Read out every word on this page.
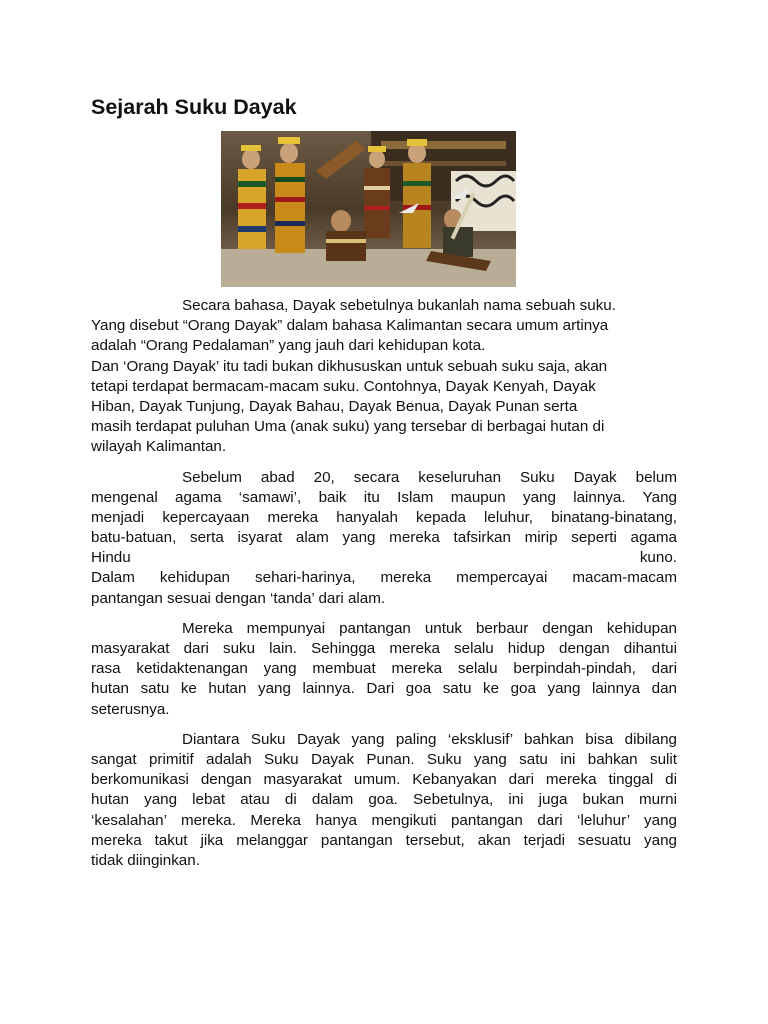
Sejarah Suku Dayak
Secara bahasa, Dayak sebetulnya bukanlah nama sebuah suku.
Yang disebut “Orang Dayak” dalam bahasa Kalimantan secara umum artinya
adalah “Orang Pedalaman” yang jauh dari kehidupan kota.
Dan ‘Orang Dayak’ itu tadi bukan dikhususkan untuk sebuah suku saja, akan
tetapi terdapat bermacam-macam suku. Contohnya, Dayak Kenyah, Dayak
Hiban, Dayak Tunjung, Dayak Bahau, Dayak Benua, Dayak Punan serta
masih terdapat puluhan Uma (anak suku) yang tersebar di berbagai hutan di
wilayah Kalimantan.
Sebelum abad 20, secara keseluruhan Suku Dayak belum
mengenal agama ‘samawi’, baik itu Islam maupun yang lainnya. Yang
menjadi kepercayaan mereka hanyalah kepada leluhur, binatang-binatang,
batu-batuan, serta isyarat alam yang mereka tafsirkan mirip seperti agama
Hindu kuno.
Dalam kehidupan sehari-harinya, mereka mempercayai macam-macam
pantangan sesuai dengan ‘tanda’ dari alam.
Mereka mempunyai pantangan untuk berbaur dengan kehidupan
masyarakat dari suku lain. Sehingga mereka selalu hidup dengan dihantui
rasa ketidaktenangan yang membuat mereka selalu berpindah-pindah, dari
hutan satu ke hutan yang lainnya. Dari goa satu ke goa yang lainnya dan
seterusnya.
Diantara Suku Dayak yang paling ‘eksklusif’ bahkan bisa dibilang
sangat primitif adalah Suku Dayak Punan. Suku yang satu ini bahkan sulit
berkomunikasi dengan masyarakat umum. Kebanyakan dari mereka tinggal di
hutan yang lebat atau di dalam goa. Sebetulnya, ini juga bukan murni
‘kesalahan’ mereka. Mereka hanya mengikuti pantangan dari ‘leluhur’ yang
mereka takut jika melanggar pantangan tersebut, akan terjadi sesuatu yang
tidak diinginkan.
